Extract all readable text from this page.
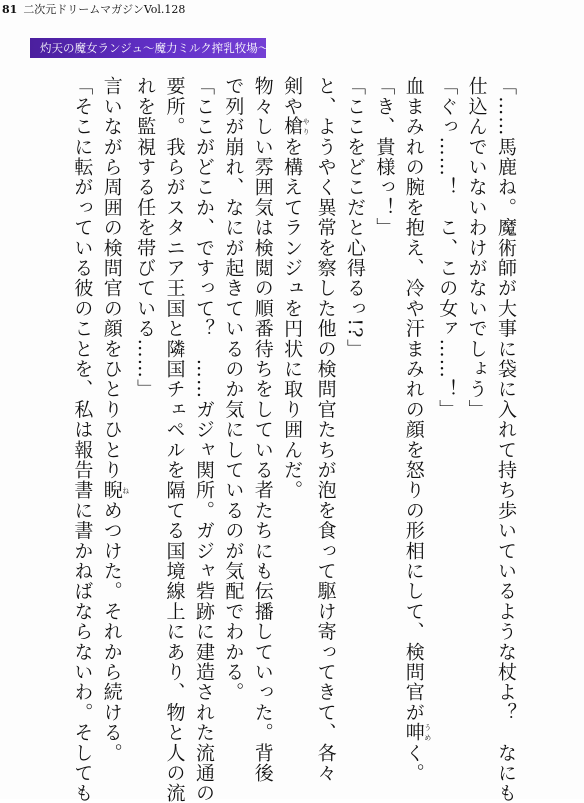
81 二次元ドリームマガジンVol.128
灼天の魔女ランジュ〜魔力ミルク搾乳牧場〜
「……馬鹿ね。魔術師が大事に袋に入れて持ち歩いているような杖よ？　なにも
仕込んでいないわけがないでしょう」
「ぐっ……！　こ、この女ァ……！」
血まみれの腕を抱え、冷や汗まみれの顔を怒りの形相にして、検問官が呻 うめく。
「き、貴様っ！」
「ここをどこだと心得るっ!?」
と、ようやく異常を察した他の検問官たちが泡を食って駆け寄ってきて、各々
剣や槍 やりを構えてランジュを円状に取り囲んだ。
物々しい雰囲気は検閲の順番待ちをしている者たちにも伝播していった。背後
で列が崩れ、なにが起きているのか気にしているのが気配でわかる。
「ここがどこか、ですって？　……ガジャ関所。ガジャ砦跡に建造された流通の
要所。我らがスタニア王国と隣国チェペルを隔てる国境線上にあり、物と人の流
れを監視する任を帯びている……」
言いながら周囲の検問官の顔をひとりひとり睨 ねめつけた。それから続ける。
「そこに転がっている彼のことを、私は報告書に書かねばならないわ。そしても
